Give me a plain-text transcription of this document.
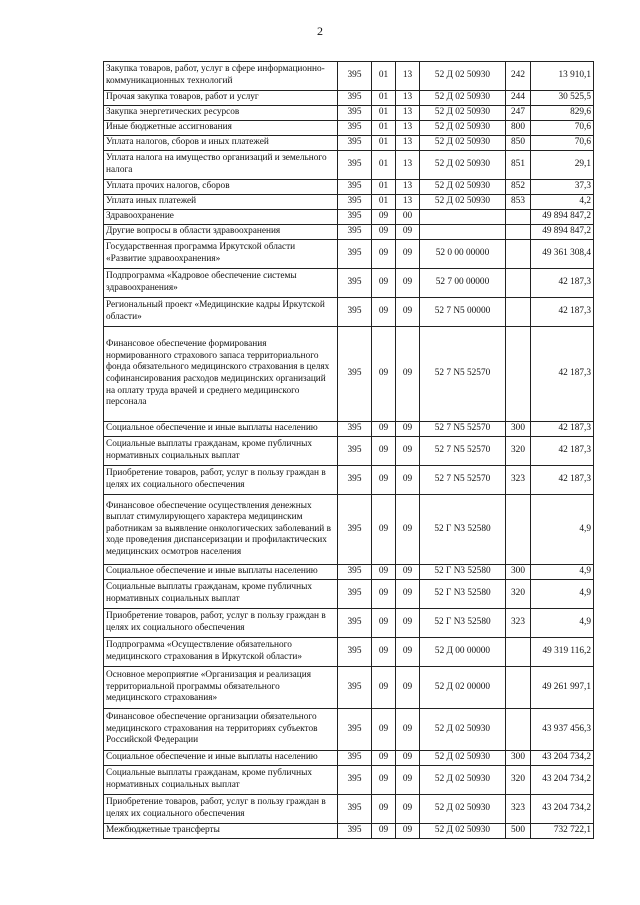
2
Закупка товаров, работ, услуг в сфере информационно-коммуникационных технологий	395	01	13	52 Д 02 50930	242	13 910,1
Прочая закупка товаров, работ и услуг	395	01	13	52 Д 02 50930	244	30 525,5
Закупка энергетических ресурсов	395	01	13	52 Д 02 50930	247	829,6
Иные бюджетные ассигнования	395	01	13	52 Д 02 50930	800	70,6
Уплата налогов, сборов и иных платежей	395	01	13	52 Д 02 50930	850	70,6
Уплата налога на имущество организаций и земельного налога	395	01	13	52 Д 02 50930	851	29,1
Уплата прочих налогов, сборов	395	01	13	52 Д 02 50930	852	37,3
Уплата иных платежей	395	01	13	52 Д 02 50930	853	4,2
Здравоохранение	395	09	00			49 894 847,2
Другие вопросы в области здравоохранения	395	09	09			49 894 847,2
Государственная программа Иркутской области «Развитие здравоохранения»	395	09	09	52 0 00 00000		49 361 308,4
Подпрограмма «Кадровое обеспечение системы здравоохранения»	395	09	09	52 7 00 00000		42 187,3
Региональный проект «Медицинские кадры Иркутской области»	395	09	09	52 7 N5 00000		42 187,3
Финансовое обеспечение формирования нормированного страхового запаса территориального фонда обязательного медицинского страхования в целях софинансирования расходов медицинских организаций на оплату труда врачей и среднего медицинского персонала	395	09	09	52 7 N5 52570		42 187,3
Социальное обеспечение и иные выплаты населению	395	09	09	52 7 N5 52570	300	42 187,3
Социальные выплаты гражданам, кроме публичных нормативных социальных выплат	395	09	09	52 7 N5 52570	320	42 187,3
Приобретение товаров, работ, услуг в пользу граждан в целях их социального обеспечения	395	09	09	52 7 N5 52570	323	42 187,3
Финансовое обеспечение осуществления денежных выплат стимулирующего характера медицинским работникам за выявление онкологических заболеваний в ходе проведения диспансеризации и профилактических медицинских осмотров населения	395	09	09	52 Г N3 52580		4,9
Социальное обеспечение и иные выплаты населению	395	09	09	52 Г N3 52580	300	4,9
Социальные выплаты гражданам, кроме публичных нормативных социальных выплат	395	09	09	52 Г N3 52580	320	4,9
Приобретение товаров, работ, услуг в пользу граждан в целях их социального обеспечения	395	09	09	52 Г N3 52580	323	4,9
Подпрограмма «Осуществление обязательного медицинского страхования в Иркутской области»	395	09	09	52 Д 00 00000		49 319 116,2
Основное мероприятие «Организация и реализация территориальной программы обязательного медицинского страхования»	395	09	09	52 Д 02 00000		49 261 997,1
Финансовое обеспечение организации обязательного медицинского страхования на территориях субъектов Российской Федерации	395	09	09	52 Д 02 50930		43 937 456,3
Социальное обеспечение и иные выплаты населению	395	09	09	52 Д 02 50930	300	43 204 734,2
Социальные выплаты гражданам, кроме публичных нормативных социальных выплат	395	09	09	52 Д 02 50930	320	43 204 734,2
Приобретение товаров, работ, услуг в пользу граждан в целях их социального обеспечения	395	09	09	52 Д 02 50930	323	43 204 734,2
Межбюджетные трансферты	395	09	09	52 Д 02 50930	500	732 722,1
